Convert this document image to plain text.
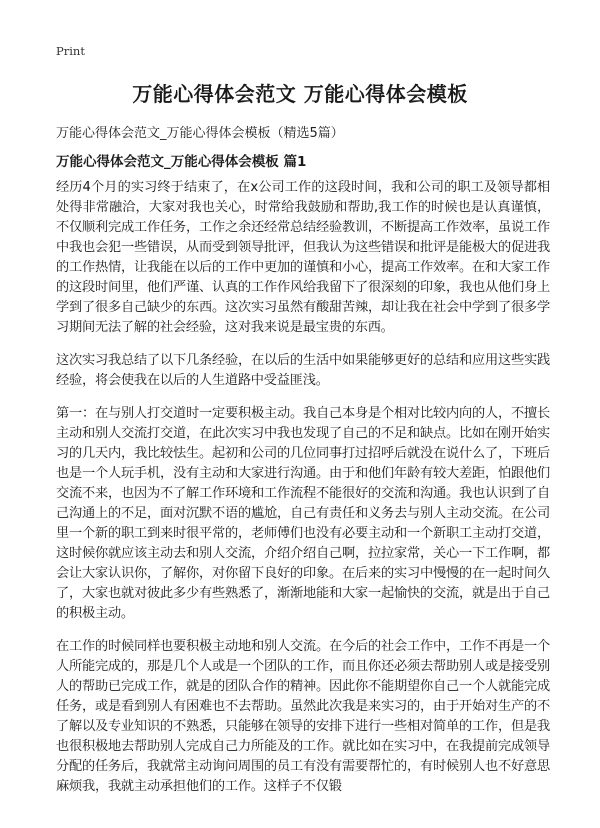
Print
万能心得体会范文 万能心得体会模板
万能心得体会范文_万能心得体会模板（精选5篇）
万能心得体会范文_万能心得体会模板 篇1

经历4个月的实习终于结束了，在x公司工作的这段时间，我和公司的职工及领导都相处得非常融洽，大家对我也关心，时常给我鼓励和帮助,我工作的时候也是认真谨慎，不仅顺利完成工作任务，工作之余还经常总结经验教训，不断提高工作效率，虽说工作中我也会犯一些错误，从而受到领导批评，但我认为这些错误和批评是能极大的促进我的工作热情，让我能在以后的工作中更加的谨慎和小心，提高工作效率。在和大家工作的这段时间里，他们严谨、认真的工作作风给我留下了很深刻的印象，我也从他们身上学到了很多自己缺少的东西。这次实习虽然有酸甜苦辣，却让我在社会中学到了很多学习期间无法了解的社会经验，这对我来说是最宝贵的东西。

这次实习我总结了以下几条经验，在以后的生活中如果能够更好的总结和应用这些实践经验，将会使我在以后的人生道路中受益匪浅。

第一：在与别人打交道时一定要积极主动。我自己本身是个相对比较内向的人，不擅长主动和别人交流打交道，在此次实习中我也发现了自己的不足和缺点。比如在刚开始实习的几天内，我比较怯生。起初和公司的几位同事打过招呼后就没在说什么了，下班后也是一个人玩手机，没有主动和大家进行沟通。由于和他们年龄有较大差距，怕跟他们交流不来，也因为不了解工作环境和工作流程不能很好的交流和沟通。我也认识到了自己沟通上的不足，面对沉默不语的尴尬，自己有责任和义务去与别人主动交流。在公司里一个新的职工到来时很平常的，老师傅们也没有必要主动和一个新职工主动打交道，这时候你就应该主动去和别人交流，介绍介绍自己啊，拉拉家常，关心一下工作啊，都会让大家认识你，了解你，对你留下良好的印象。在后来的实习中慢慢的在一起时间久了，大家也就对彼此多少有些熟悉了，渐渐地能和大家一起愉快的交流，就是出于自己的积极主动。

在工作的时候同样也要积极主动地和别人交流。在今后的社会工作中，工作不再是一个人所能完成的，那是几个人或是一个团队的工作，而且你还必须去帮助别人或是接受别人的帮助已完成工作，就是的团队合作的精神。因此你不能期望你自己一个人就能完成任务，或是看到别人有困难也不去帮助。虽然此次我是来实习的，由于开始对生产的不了解以及专业知识的不熟悉，只能够在领导的安排下进行一些相对简单的工作，但是我也很积极地去帮助别人完成自己力所能及的工作。就比如在实习中，在我提前完成领导分配的任务后，我就常主动询问周围的员工有没有需要帮忙的，有时候别人也不好意思麻烦我，我就主动承担他们的工作。这样子不仅锻
